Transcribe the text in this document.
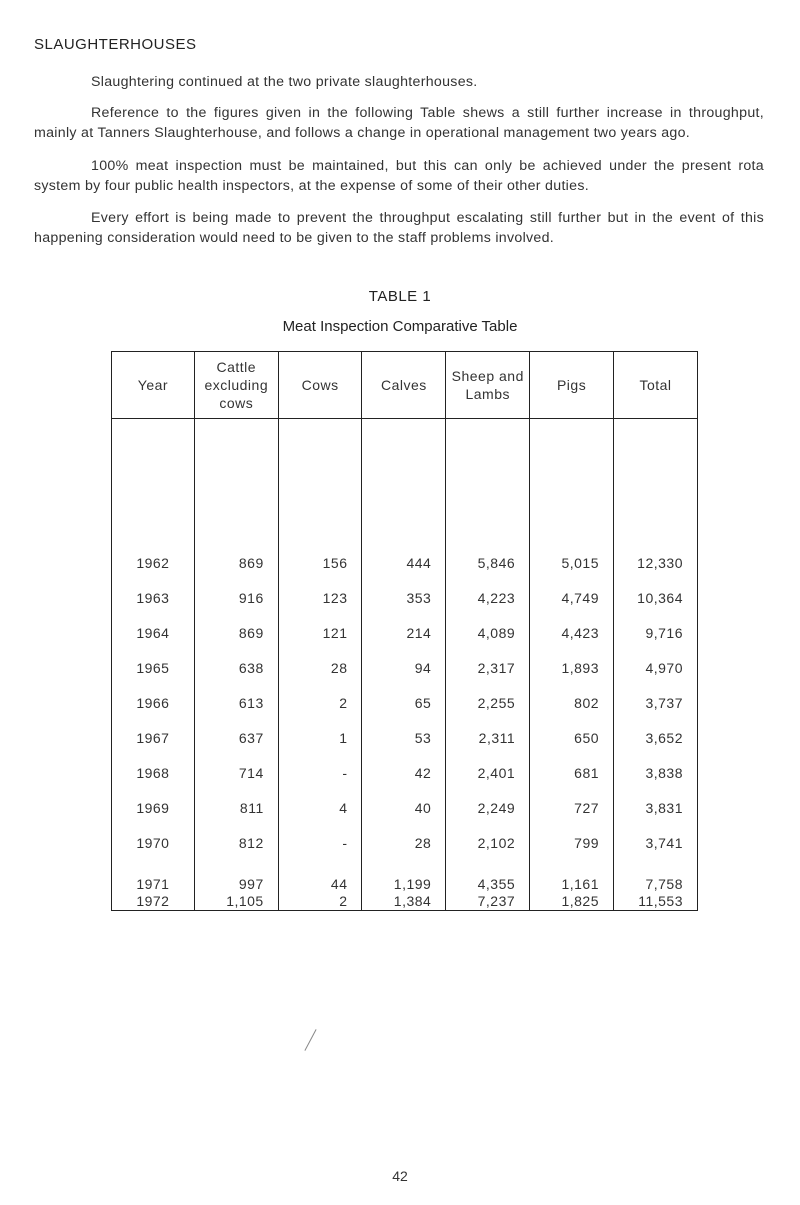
SLAUGHTERHOUSES
Slaughtering continued at the two private slaughterhouses.
Reference to the figures given in the following Table shews a still further increase in throughput, mainly at Tanners Slaughterhouse, and follows a change in operational management two years ago.
100% meat inspection must be maintained, but this can only be achieved under the present rota system by four public health inspectors, at the expense of some of their other duties.
Every effort is being made to prevent the throughput escalating still further but in the event of this happening consideration would need to be given to the staff problems involved.
TABLE 1
Meat Inspection Comparative Table
Year	Cattle excluding cows	Cows	Calves	Sheep and Lambs	Pigs	Total

1962	869	156	444	5,846	5,015	12,330
1963	916	123	353	4,223	4,749	10,364
1964	869	121	214	4,089	4,423	9,716
1965	638	28	94	2,317	1,893	4,970
1966	613	2	65	2,255	802	3,737
1967	637	1	53	2,311	650	3,652
1968	714	-	42	2,401	681	3,838
1969	811	4	40	2,249	727	3,831
1970	812	-	28	2,102	799	3,741
1971	997	44	1,199	4,355	1,161	7,758
1972	1,105	2	1,384	7,237	1,825	11,553
42
